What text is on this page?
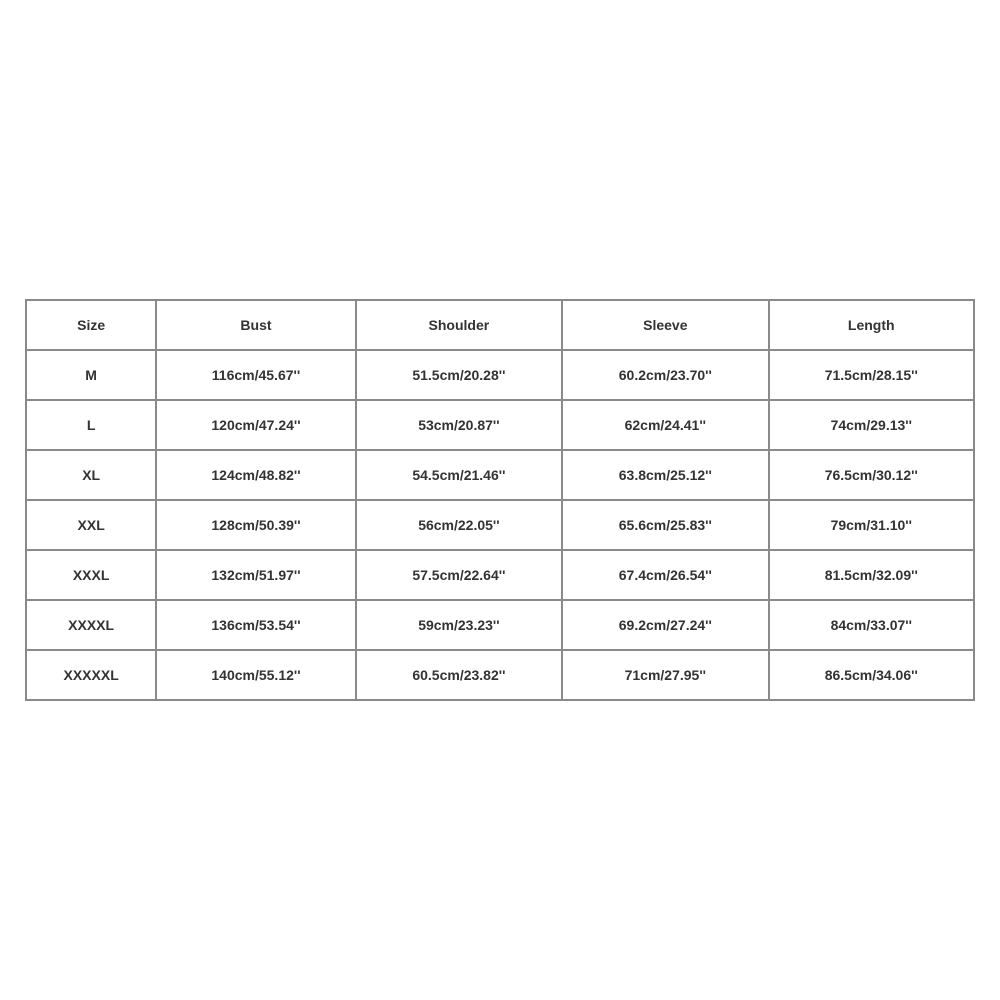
Size	Bust	Shoulder	Sleeve	Length
M	116cm/45.67''	51.5cm/20.28''	60.2cm/23.70''	71.5cm/28.15''
L	120cm/47.24''	53cm/20.87''	62cm/24.41''	74cm/29.13''
XL	124cm/48.82''	54.5cm/21.46''	63.8cm/25.12''	76.5cm/30.12''
XXL	128cm/50.39''	56cm/22.05''	65.6cm/25.83''	79cm/31.10''
XXXL	132cm/51.97''	57.5cm/22.64''	67.4cm/26.54''	81.5cm/32.09''
XXXXL	136cm/53.54''	59cm/23.23''	69.2cm/27.24''	84cm/33.07''
XXXXXL	140cm/55.12''	60.5cm/23.82''	71cm/27.95''	86.5cm/34.06''
